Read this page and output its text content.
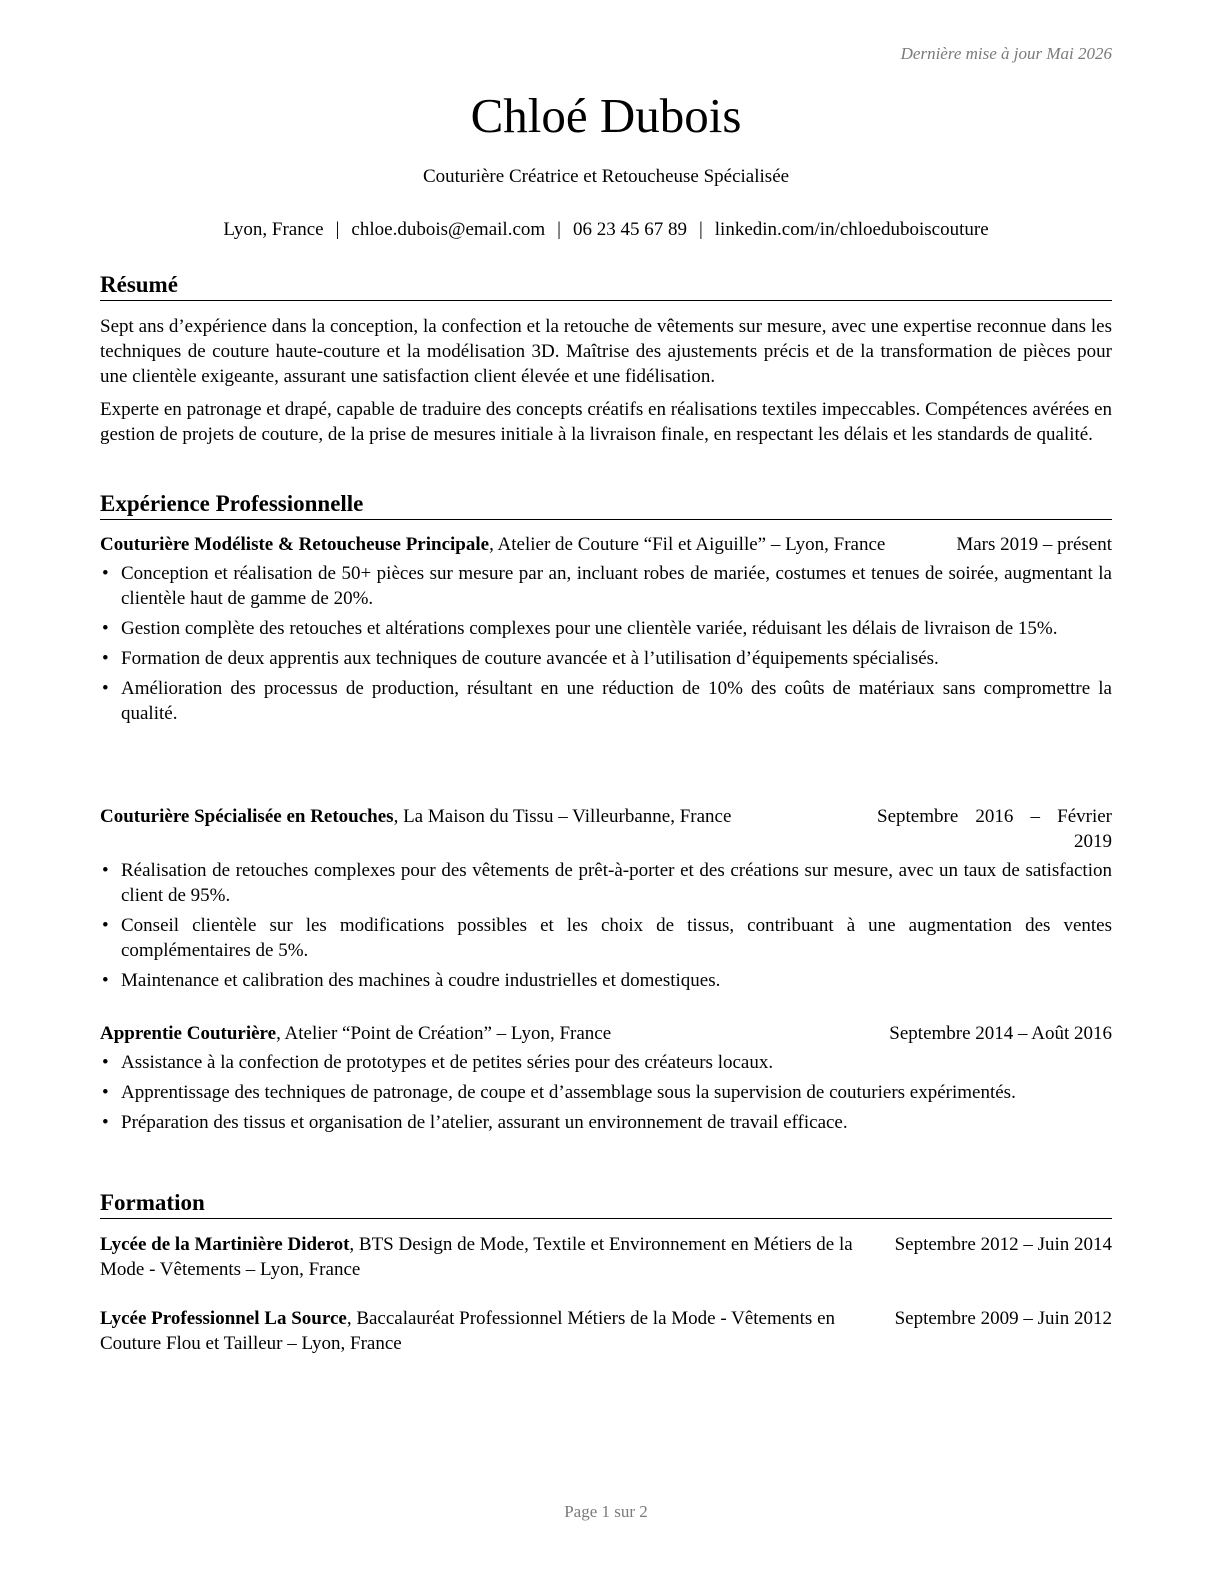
Dernière mise à jour Mai 2026
Chloé Dubois
Couturière Créatrice et Retoucheuse Spécialisée
Lyon, France | chloe.dubois@email.com | 06 23 45 67 89 | linkedin.com/in/chloeduboiscouture
Résumé

Sept ans d’expérience dans la conception, la confection et la retouche de vêtements sur mesure, avec une expertise reconnue dans les techniques de couture haute-couture et la modélisation 3D. Maîtrise des ajustements précis et de la transformation de pièces pour une clientèle exigeante, assurant une satisfaction client élevée et une fidélisation.

Experte en patronage et drapé, capable de traduire des concepts créatifs en réalisations textiles impeccables. Compétences avérées en gestion de projets de couture, de la prise de mesures initiale à la livraison finale, en respectant les délais et les standards de qualité.

Expérience Professionnelle
Couturière Modéliste & Retoucheuse Principale, Atelier de Couture “Fil et Aiguille” – Lyon, France	Mars 2019 – présent
• Conception et réalisation de 50+ pièces sur mesure par an, incluant robes de mariée, costumes et tenues de soirée, augmentant la clientèle haut de gamme de 20%.
• Gestion complète des retouches et altérations complexes pour une clientèle variée, réduisant les délais de livraison de 15%.
• Formation de deux apprentis aux techniques de couture avancée et à l’utilisation d’équipements spécialisés.
• Amélioration des processus de production, résultant en une réduction de 10% des coûts de matériaux sans compromettre la qualité.
Couturière Spécialisée en Retouches, La Maison du Tissu – Villeurbanne, France	Septembre 2016 – Février 2019
• Réalisation de retouches complexes pour des vêtements de prêt-à-porter et des créations sur mesure, avec un taux de satisfaction client de 95%.
• Conseil clientèle sur les modifications possibles et les choix de tissus, contribuant à une augmentation des ventes complémentaires de 5%.
• Maintenance et calibration des machines à coudre industrielles et domestiques.
Apprentie Couturière, Atelier “Point de Création” – Lyon, France	Septembre 2014 – Août 2016
• Assistance à la confection de prototypes et de petites séries pour des créateurs locaux.
• Apprentissage des techniques de patronage, de coupe et d’assemblage sous la supervision de couturiers expérimentés.
• Préparation des tissus et organisation de l’atelier, assurant un environnement de travail efficace.
Formation
Lycée de la Martinière Diderot, BTS Design de Mode, Textile et Environnement en Métiers de la Mode - Vêtements – Lyon, France
Septembre 2012 – Juin 2014
Lycée Professionnel La Source, Baccalauréat Professionnel Métiers de la Mode - Vêtements en Couture Flou et Tailleur – Lyon, France
Septembre 2009 – Juin 2012
Page 1 sur 2
